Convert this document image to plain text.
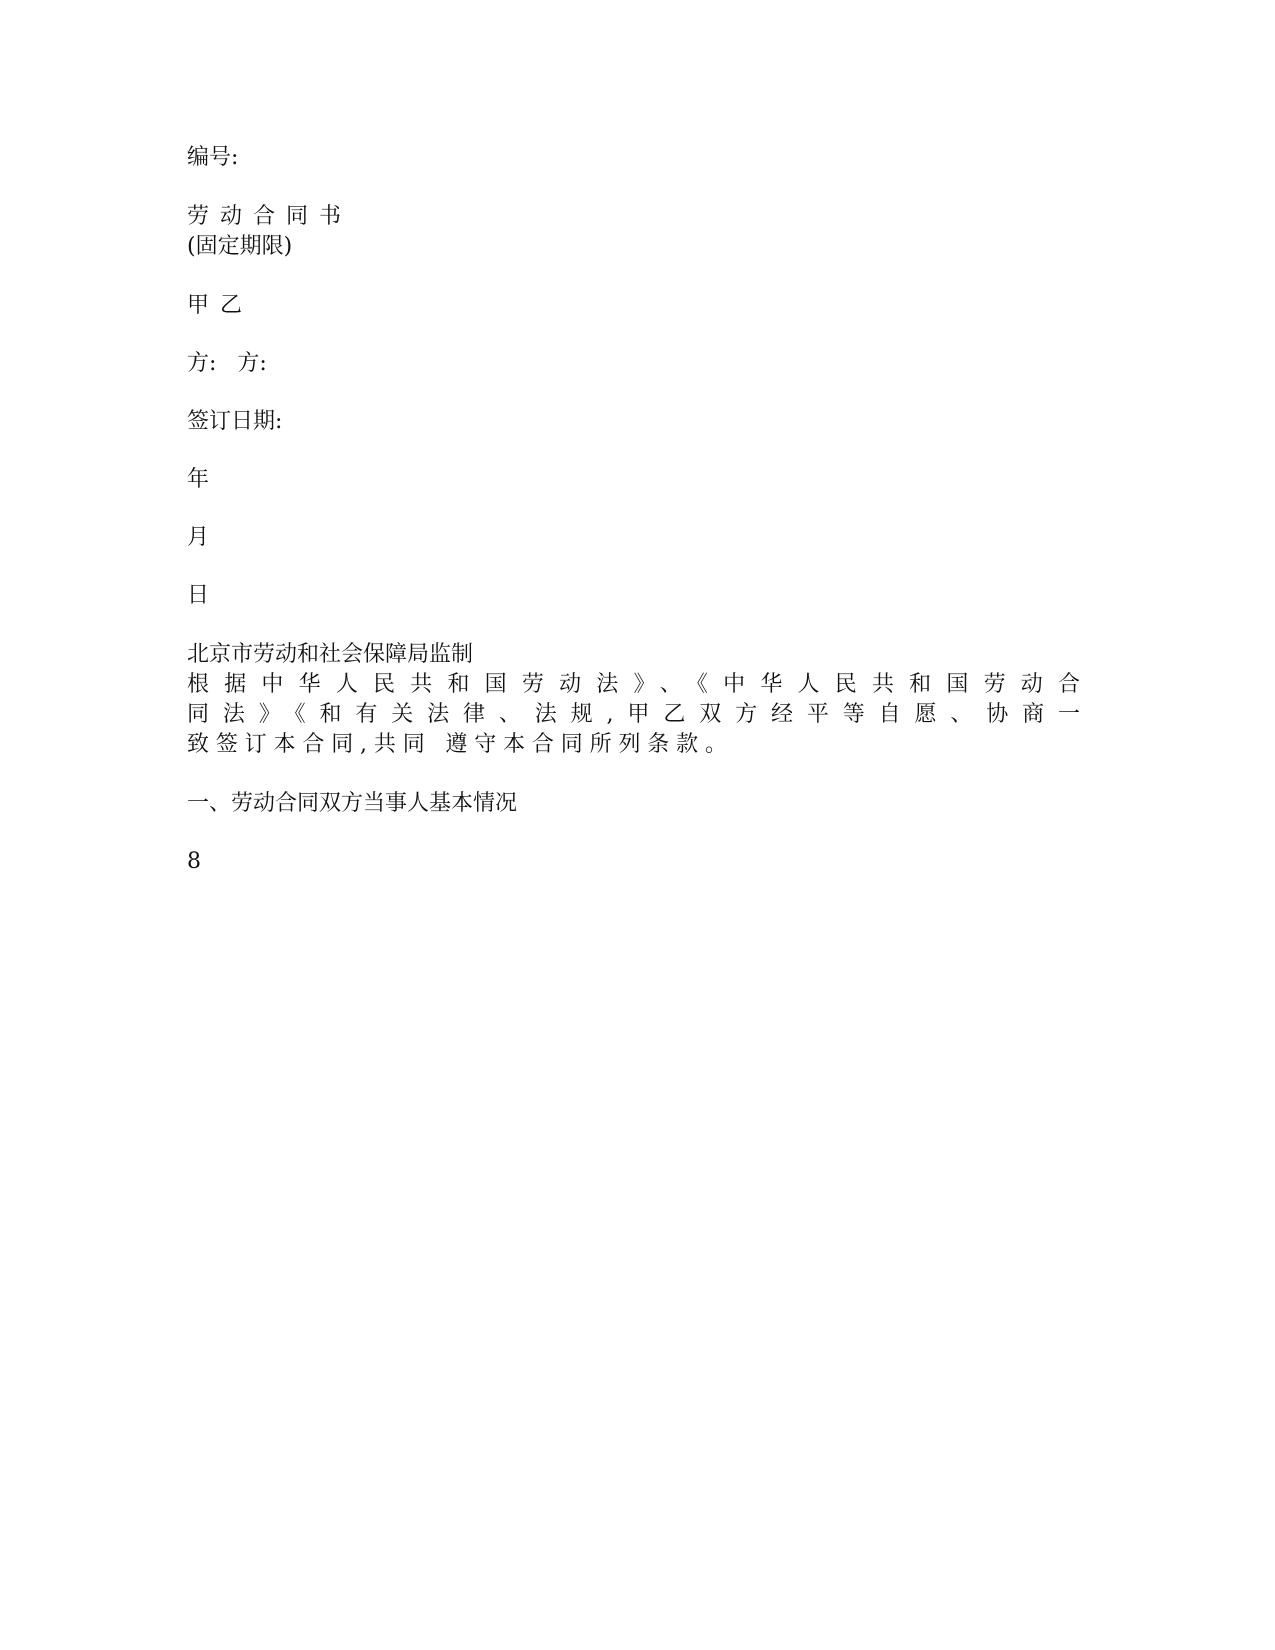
编号:

劳 动 合 同 书

(固定期限)

甲 乙

方:   方:

签订日期:

年

月

日

北京市劳动和社会保障局监制

根据中华人民共和国劳动法》、《中华人民共和国劳动合

同法》《和有关法律、法规,甲乙双方经平等自愿、协商一

致签订本合同,共同 遵守本合同所列条款。

一、劳动合同双方当事人基本情况

8
